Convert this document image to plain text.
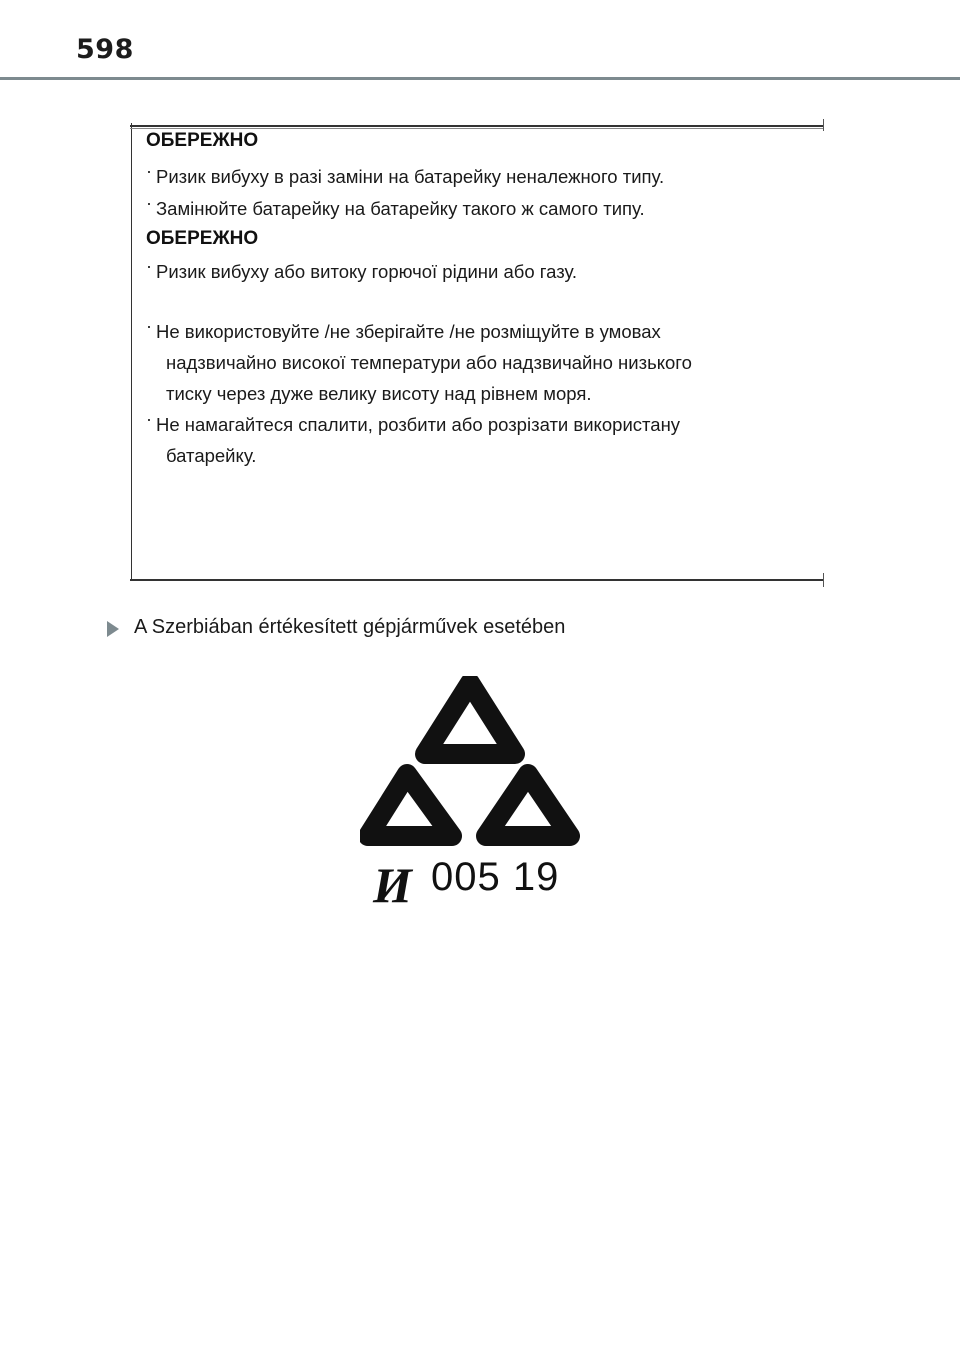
598
ОБЕРЕЖНО
· Ризик вибуху в разі заміни на батарейку неналежного типу.
· Замінюйте батарейку на батарейку такого ж самого типу.
ОБЕРЕЖНО
· Ризик вибуху або витоку горючої рідини або газу.
· Не використовуйте /не зберігайте /не розміщуйте в умовах
надзвичайно високої температури або надзвичайно низького
тиску через дуже велику висоту над рівнем моря.
· Не намагайтеся спалити, розбити або розрізати використану
батарейку.
A Szerbiában értékesített gépjárművek esetében
И 005 19
